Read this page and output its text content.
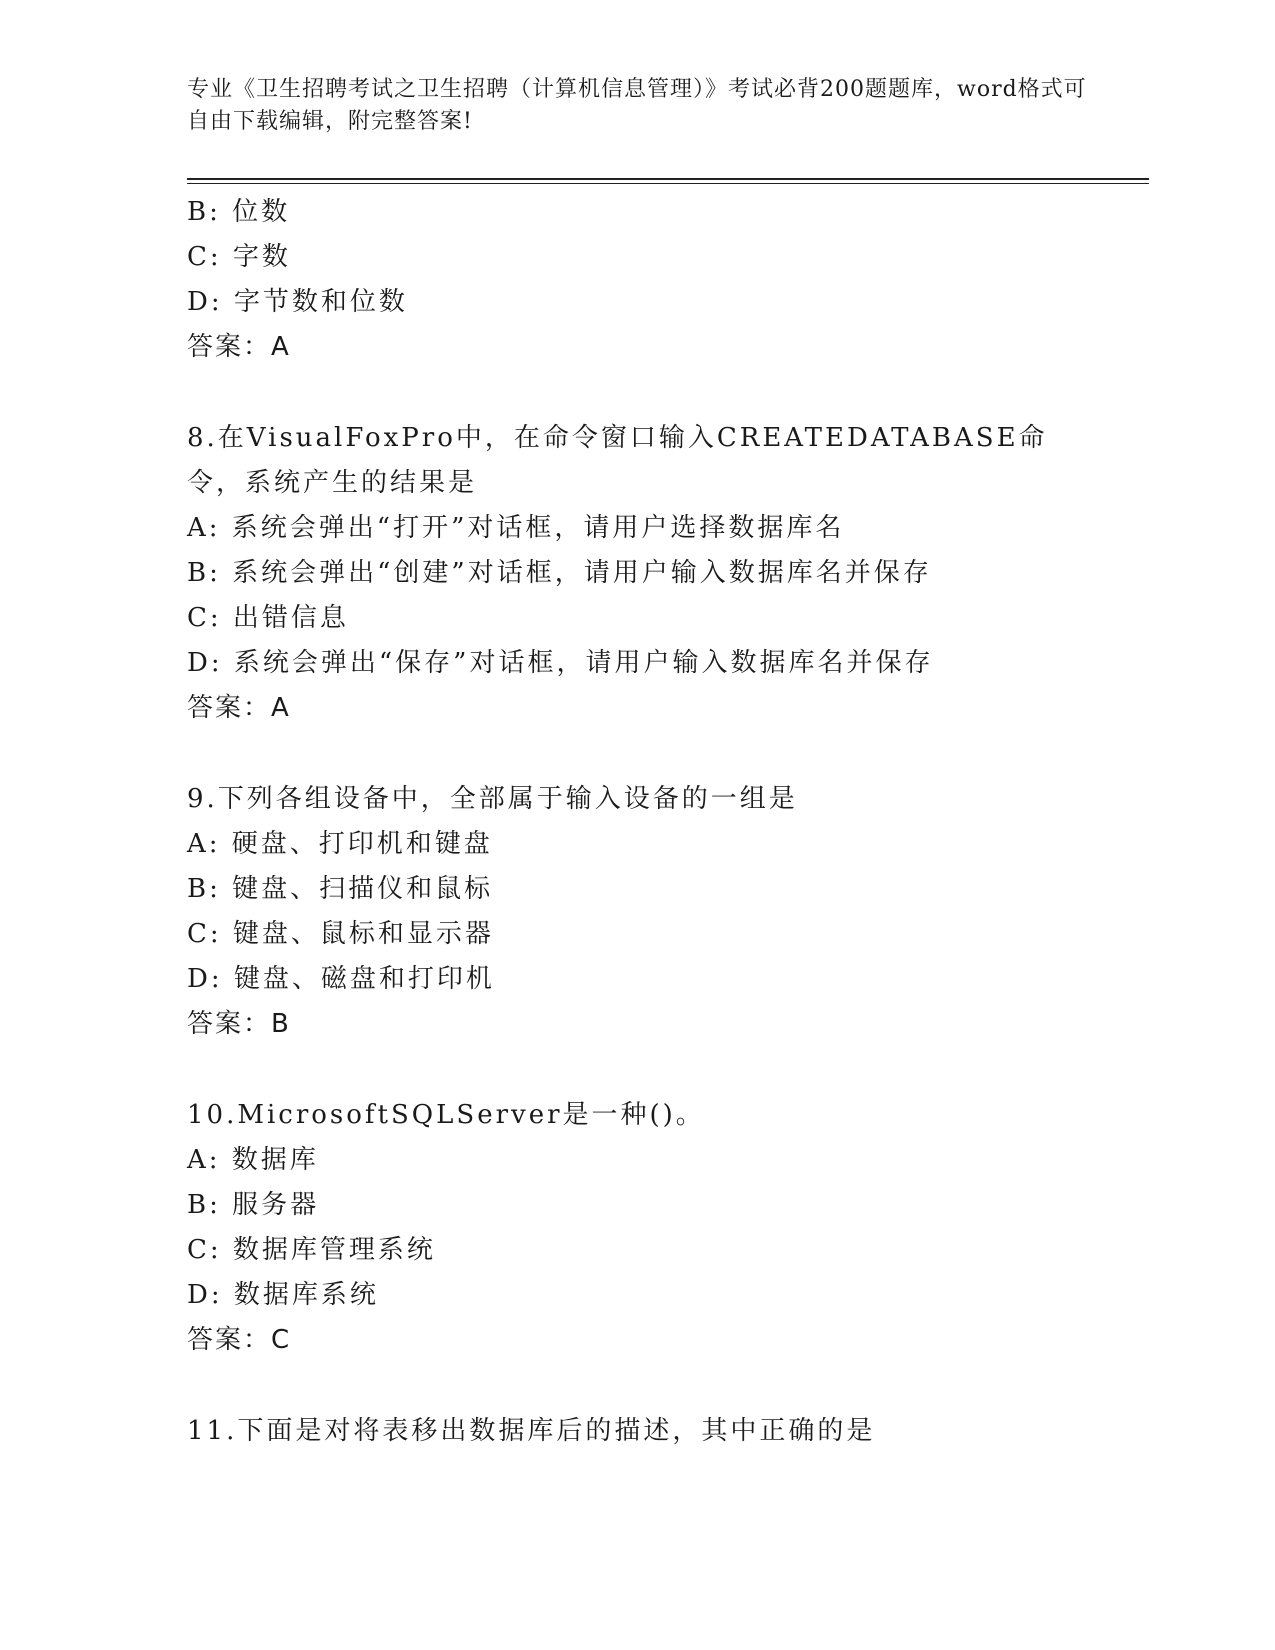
专业《卫生招聘考试之卫生招聘（计算机信息管理）》考试必背200题题库，word格式可自由下载编辑，附完整答案!
B: 位数
C: 字数
D: 字节数和位数
答案：A
8.在VisualFoxPro中，在命令窗口输入CREATEDATABASE命令，系统产生的结果是
A: 系统会弹出“打开”对话框，请用户选择数据库名
B: 系统会弹出“创建”对话框，请用户输入数据库名并保存
C: 出错信息
D: 系统会弹出“保存”对话框，请用户输入数据库名并保存
答案：A
9.下列各组设备中，全部属于输入设备的一组是
A: 硬盘、打印机和键盘
B: 键盘、扫描仪和鼠标
C: 键盘、鼠标和显示器
D: 键盘、磁盘和打印机
答案：B
10.MicrosoftSQLServer是一种()。
A: 数据库
B: 服务器
C: 数据库管理系统
D: 数据库系统
答案：C
11.下面是对将表移出数据库后的描述，其中正确的是
